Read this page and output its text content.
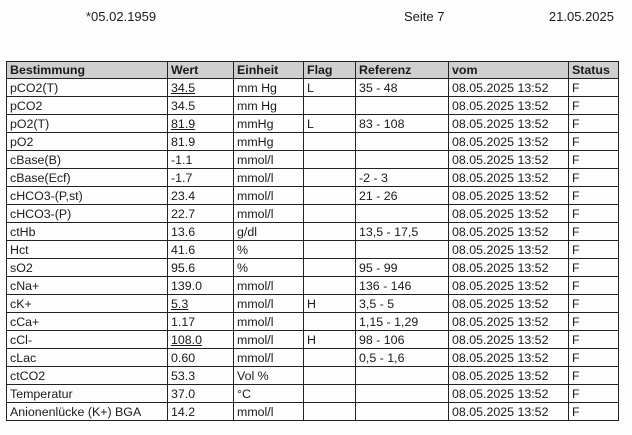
*05.02.1959	Seite 7	21.05.2025
Bestimmung	Wert	Einheit	Flag	Referenz	vom	Status
pCO2(T)	34.5	mm Hg	L	35 - 48	08.05.2025 13:52	F
pCO2	34.5	mm Hg			08.05.2025 13:52	F
pO2(T)	81.9	mmHg	L	83 - 108	08.05.2025 13:52	F
pO2	81.9	mmHg			08.05.2025 13:52	F
cBase(B)	-1.1	mmol/l			08.05.2025 13:52	F
cBase(Ecf)	-1.7	mmol/l		-2 - 3	08.05.2025 13:52	F
cHCO3-(P,st)	23.4	mmol/l		21 - 26	08.05.2025 13:52	F
cHCO3-(P)	22.7	mmol/l			08.05.2025 13:52	F
ctHb	13.6	g/dl		13,5 - 17,5	08.05.2025 13:52	F
Hct	41.6	%			08.05.2025 13:52	F
sO2	95.6	%		95 - 99	08.05.2025 13:52	F
cNa+	139.0	mmol/l		136 - 146	08.05.2025 13:52	F
cK+	5.3	mmol/l	H	3,5 - 5	08.05.2025 13:52	F
cCa+	1.17	mmol/l		1,15 - 1,29	08.05.2025 13:52	F
cCl-	108.0	mmol/l	H	98 - 106	08.05.2025 13:52	F
cLac	0.60	mmol/l		0,5 - 1,6	08.05.2025 13:52	F
ctCO2	53.3	Vol %			08.05.2025 13:52	F
Temperatur	37.0	°C			08.05.2025 13:52	F
Anionenlücke (K+) BGA	14.2	mmol/l			08.05.2025 13:52	F
